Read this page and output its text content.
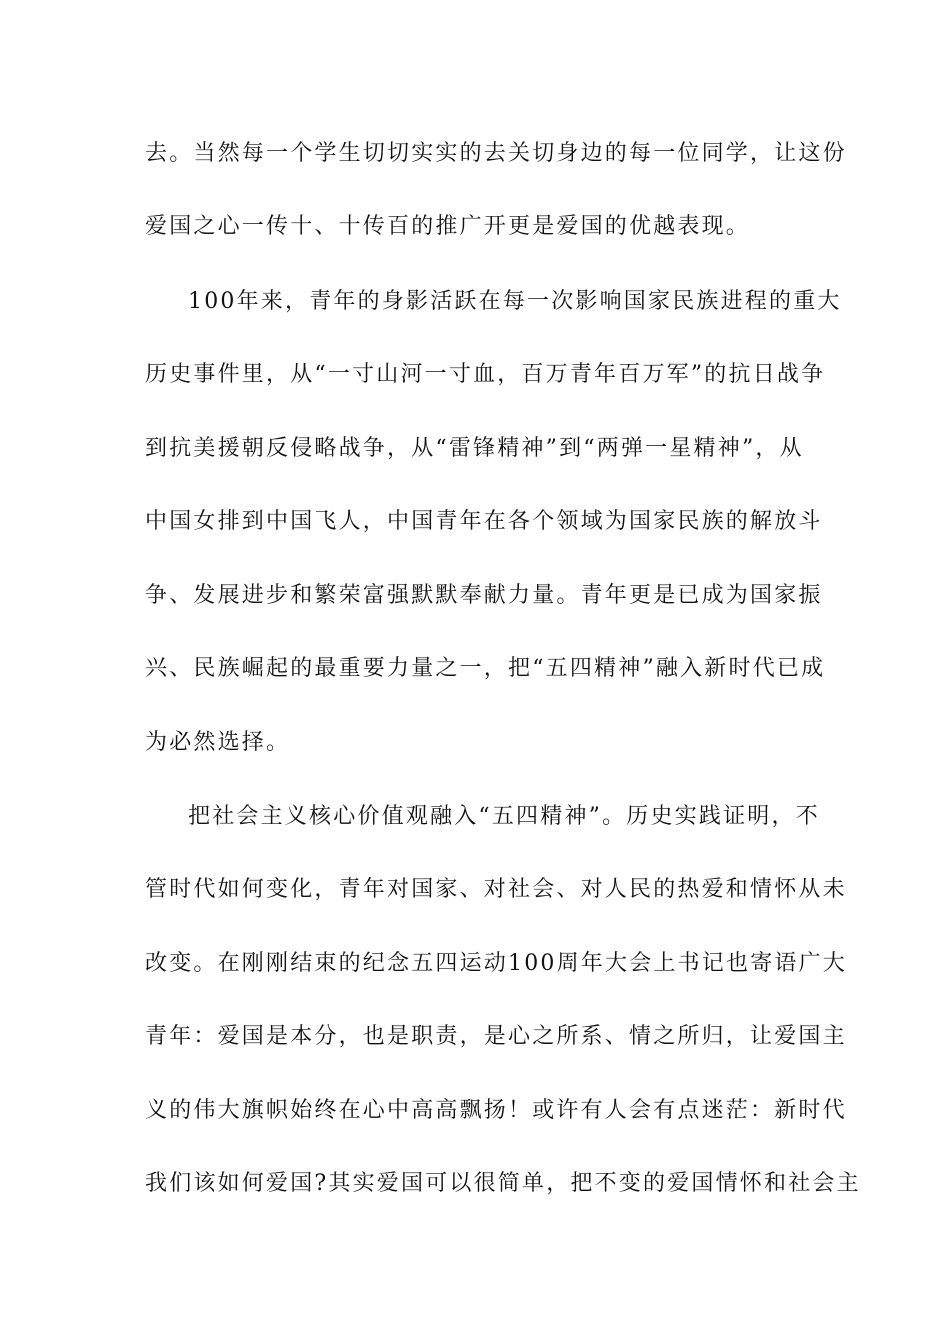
去。当然每一个学生切切实实的去关切身边的每一位同学，让这份
爱国之心一传十、十传百的推广开更是爱国的优越表现。
100年来，青年的身影活跃在每一次影响国家民族进程的重大
历史事件里，从“一寸山河一寸血，百万青年百万军”的抗日战争
到抗美援朝反侵略战争，从“雷锋精神”到“两弹一星精神”，从
中国女排到中国飞人，中国青年在各个领域为国家民族的解放斗
争、发展进步和繁荣富强默默奉献力量。青年更是已成为国家振
兴、民族崛起的最重要力量之一，把“五四精神”融入新时代已成
为必然选择。
把社会主义核心价值观融入“五四精神”。历史实践证明，不
管时代如何变化，青年对国家、对社会、对人民的热爱和情怀从未
改变。在刚刚结束的纪念五四运动100周年大会上书记也寄语广大
青年：爱国是本分，也是职责，是心之所系、情之所归，让爱国主
义的伟大旗帜始终在心中高高飘扬！或许有人会有点迷茫：新时代
我们该如何爱国?其实爱国可以很简单，把不变的爱国情怀和社会主
